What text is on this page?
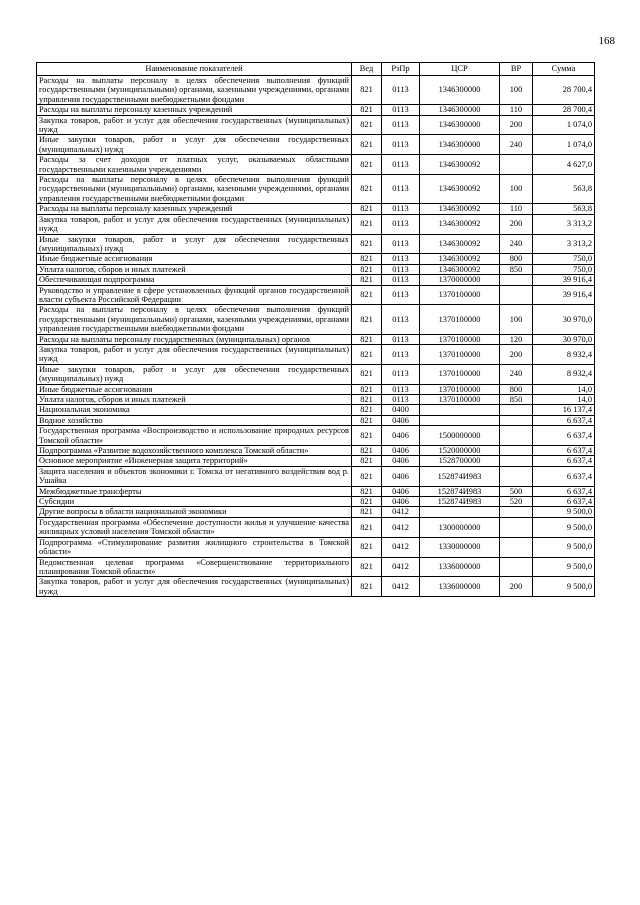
168
Наименование показателей	Вед	РзПр	ЦСР	ВР	Сумма
Расходы на выплаты персоналу в целях обеспечения выполнения функций государственными (муниципальными) органами, казенными учреждениями, органами управления государственными внебюджетными фондами	821	0113	1346300000	100	28 700,4
Расходы на выплаты персоналу казенных учреждений	821	0113	1346300000	110	28 700,4
Закупка товаров, работ и услуг для обеспечения государственных (муниципальных) нужд	821	0113	1346300000	200	1 074,0
Иные закупки товаров, работ и услуг для обеспечения государственных (муниципальных) нужд	821	0113	1346300000	240	1 074,0
Расходы за счет доходов от платных услуг, оказываемых областными государственными казенными учреждениями	821	0113	1346300092		4 627,0
Расходы на выплаты персоналу в целях обеспечения выполнения функций государственными (муниципальными) органами, казенными учреждениями, органами управления государственными внебюджетными фондами	821	0113	1346300092	100	563,8
Расходы на выплаты персоналу казенных учреждений	821	0113	1346300092	110	563,8
Закупка товаров, работ и услуг для обеспечения государственных (муниципальных) нужд	821	0113	1346300092	200	3 313,2
Иные закупки товаров, работ и услуг для обеспечения государственных (муниципальных) нужд	821	0113	1346300092	240	3 313,2
Иные бюджетные ассигнования	821	0113	1346300092	800	750,0
Уплата налогов, сборов и иных платежей	821	0113	1346300092	850	750,0
Обеспечивающая подпрограмма	821	0113	1370000000		39 916,4
Руководство и управление в сфере установленных функций органов государственной власти субъекта Российской Федерации	821	0113	1370100000		39 916,4
Расходы на выплаты персоналу в целях обеспечения выполнения функций государственными (муниципальными) органами, казенными учреждениями, органами управления государственными внебюджетными фондами	821	0113	1370100000	100	30 970,0
Расходы на выплаты персоналу государственных (муниципальных) органов	821	0113	1370100000	120	30 970,0
Закупка товаров, работ и услуг для обеспечения государственных (муниципальных) нужд	821	0113	1370100000	200	8 932,4
Иные закупки товаров, работ и услуг для обеспечения государственных (муниципальных) нужд	821	0113	1370100000	240	8 932,4
Иные бюджетные ассигнования	821	0113	1370100000	800	14,0
Уплата налогов, сборов и иных платежей	821	0113	1370100000	850	14,0
Национальная экономика	821	0400			16 137,4
Водное хозяйство	821	0406			6 637,4
Государственная программа «Воспроизводство и использование природных ресурсов Томской области»	821	0406	1500000000		6 637,4
Подпрограмма «Развитие водохозяйственного комплекса Томской области»	821	0406	1520000000		6 637,4
Основное мероприятие «Инженерная защита территорий»	821	0406	1528700000		6 637,4
Защита населения и объектов экономики г. Томска от негативного воздействия вод р. Ушайка	821	0406	152874И983		6 637,4
Межбюджетные трансферты	821	0406	152874И983	500	6 637,4
Субсидии	821	0406	152874И983	520	6 637,4
Другие вопросы в области национальной экономики	821	0412			9 500,0
Государственная программа «Обеспечение доступности жилья и улучшение качества жилищных условий населения Томской области»	821	0412	1300000000		9 500,0
Подпрограмма «Стимулирование развития жилищного строительства в Томской области»	821	0412	1330000000		9 500,0
Ведомственная целевая программа «Совершенствование территориального планирования Томской области»	821	0412	1336000000		9 500,0
Закупка товаров, работ и услуг для обеспечения государственных (муниципальных) нужд	821	0412	1336000000	200	9 500,0
